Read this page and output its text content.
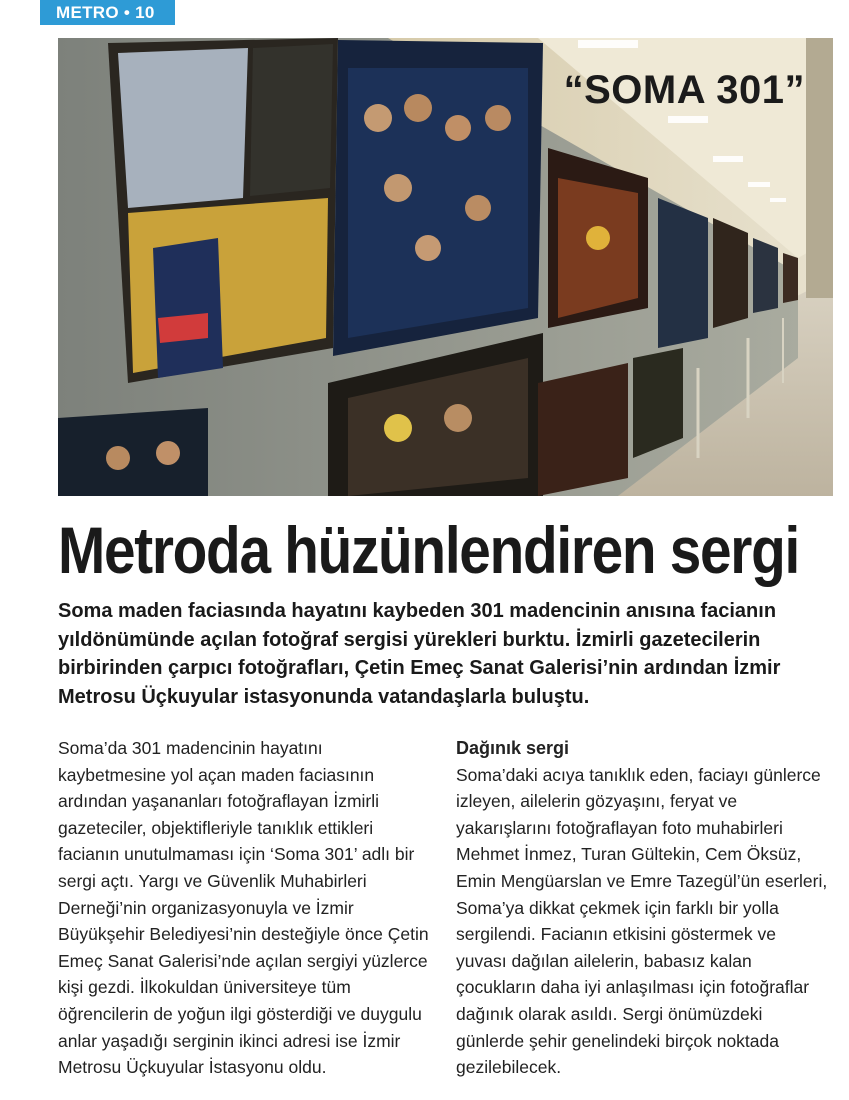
METRO • 10
“SOMA 301”
Metroda hüzünlendiren sergi
Soma maden faciasında hayatını kaybeden 301 madencinin anısına facianın yıldönümünde açılan fotoğraf sergisi yürekleri burktu. İzmirli gazetecilerin birbirinden çarpıcı fotoğrafları, Çetin Emeç Sanat Galerisi’nin ardından İzmir Metrosu Üçkuyular istasyonunda vatandaşlarla buluştu.

Soma’da 301 madencinin hayatını kaybetmesine yol açan maden faciasının ardından yaşananları fotoğraflayan İzmirli gazeteciler, objektifleriyle tanıklık ettikleri facianın unutulmaması için ‘Soma 301’ adlı bir sergi açtı. Yargı ve Güvenlik Muhabirleri Derneği’nin organizasyonuyla ve İzmir Büyükşehir Belediyesi’nin desteğiyle önce Çetin Emeç Sanat Galerisi’nde açılan sergiyi yüzlerce kişi gezdi. İlkokuldan üniversiteye tüm öğrencilerin de yoğun ilgi gösterdiği ve duygulu anlar yaşadığı serginin ikinci adresi ise İzmir Metrosu Üçkuyular İstasyonu oldu.

Dağınık sergi

Soma’daki acıya tanıklık eden, faciayı günlerce izleyen, ailelerin gözyaşını, feryat ve yakarışlarını fotoğraflayan foto muhabirleri Mehmet İnmez, Turan Gültekin, Cem Öksüz, Emin Mengüarslan ve Emre Tazegül’ün eserleri, Soma’ya dikkat çekmek için farklı bir yolla sergilendi. Facianın etkisini göstermek ve yuvası dağılan ailelerin, babasız kalan çocukların daha iyi anlaşılması için fotoğraflar dağınık olarak asıldı. Sergi önümüzdeki günlerde şehir genelindeki birçok noktada gezilebilecek.
